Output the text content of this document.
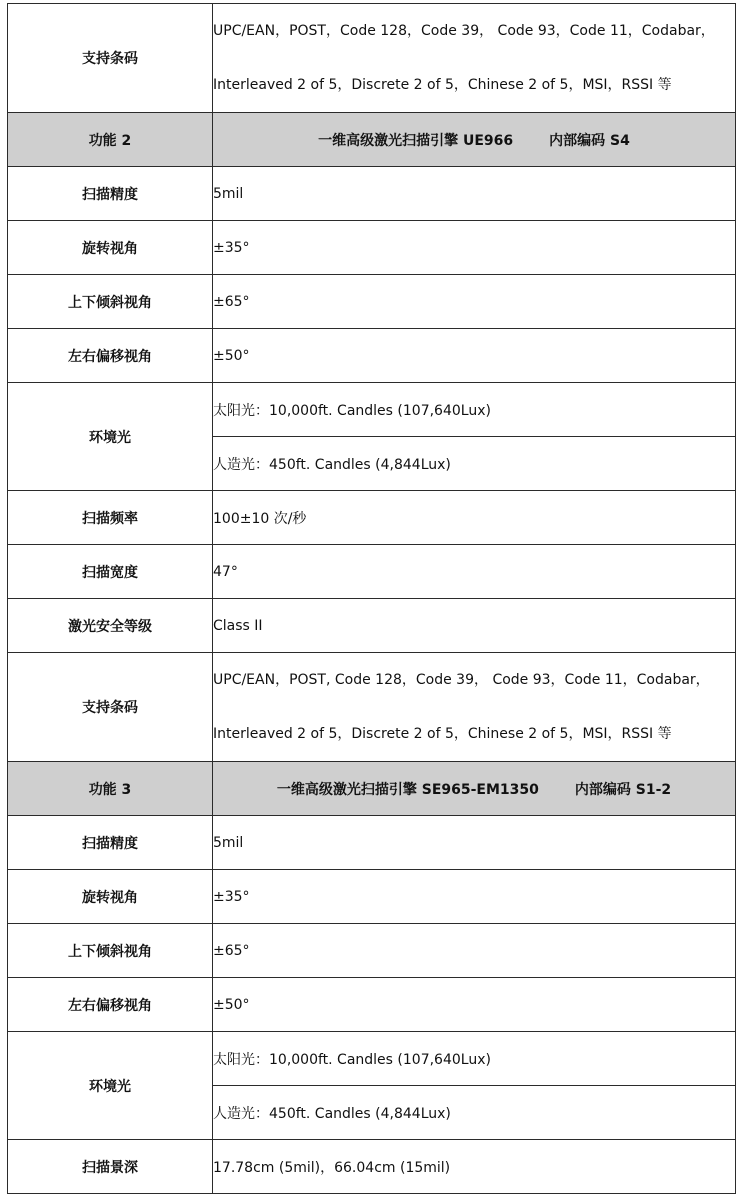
支持条码	UPC/EAN，POST，Code 128，Code 39， Code 93，Code 11，Codabar，
Interleaved 2 of 5，Discrete 2 of 5，Chinese 2 of 5，MSI，RSSI 等

功能 2	一维高级激光扫描引擎 UE966 内部编码 S4
扫描精度	5mil
旋转视角	±35°
上下倾斜视角	±65°
左右偏移视角	±50°
环境光	太阳光：10,000ft. Candles (107,640Lux)
	人造光：450ft. Candles (4,844Lux)
扫描频率	100±10 次/秒
扫描宽度	47°
激光安全等级	Class II
支持条码	UPC/EAN，POST, Code 128，Code 39， Code 93，Code 11，Codabar，
Interleaved 2 of 5，Discrete 2 of 5，Chinese 2 of 5，MSI，RSSI 等

功能 3	一维高级激光扫描引擎 SE965-EM1350 内部编码 S1-2
扫描精度	5mil
旋转视角	±35°
上下倾斜视角	±65°
左右偏移视角	±50°
环境光	太阳光：10,000ft. Candles (107,640Lux)
	人造光：450ft. Candles (4,844Lux)
扫描景深	17.78cm (5mil)，66.04cm (15mil)
